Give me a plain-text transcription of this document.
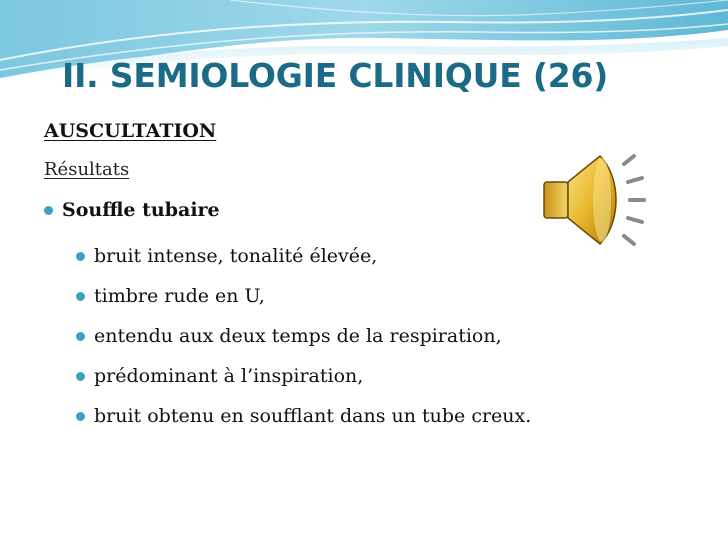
II. SEMIOLOGIE CLINIQUE (26)
AUSCULTATION
Résultats
Souffle tubaire
bruit intense, tonalité élevée,
timbre rude en U,
entendu aux deux temps de la respiration,
prédominant à l’inspiration,
bruit obtenu en soufflant dans un tube creux.
